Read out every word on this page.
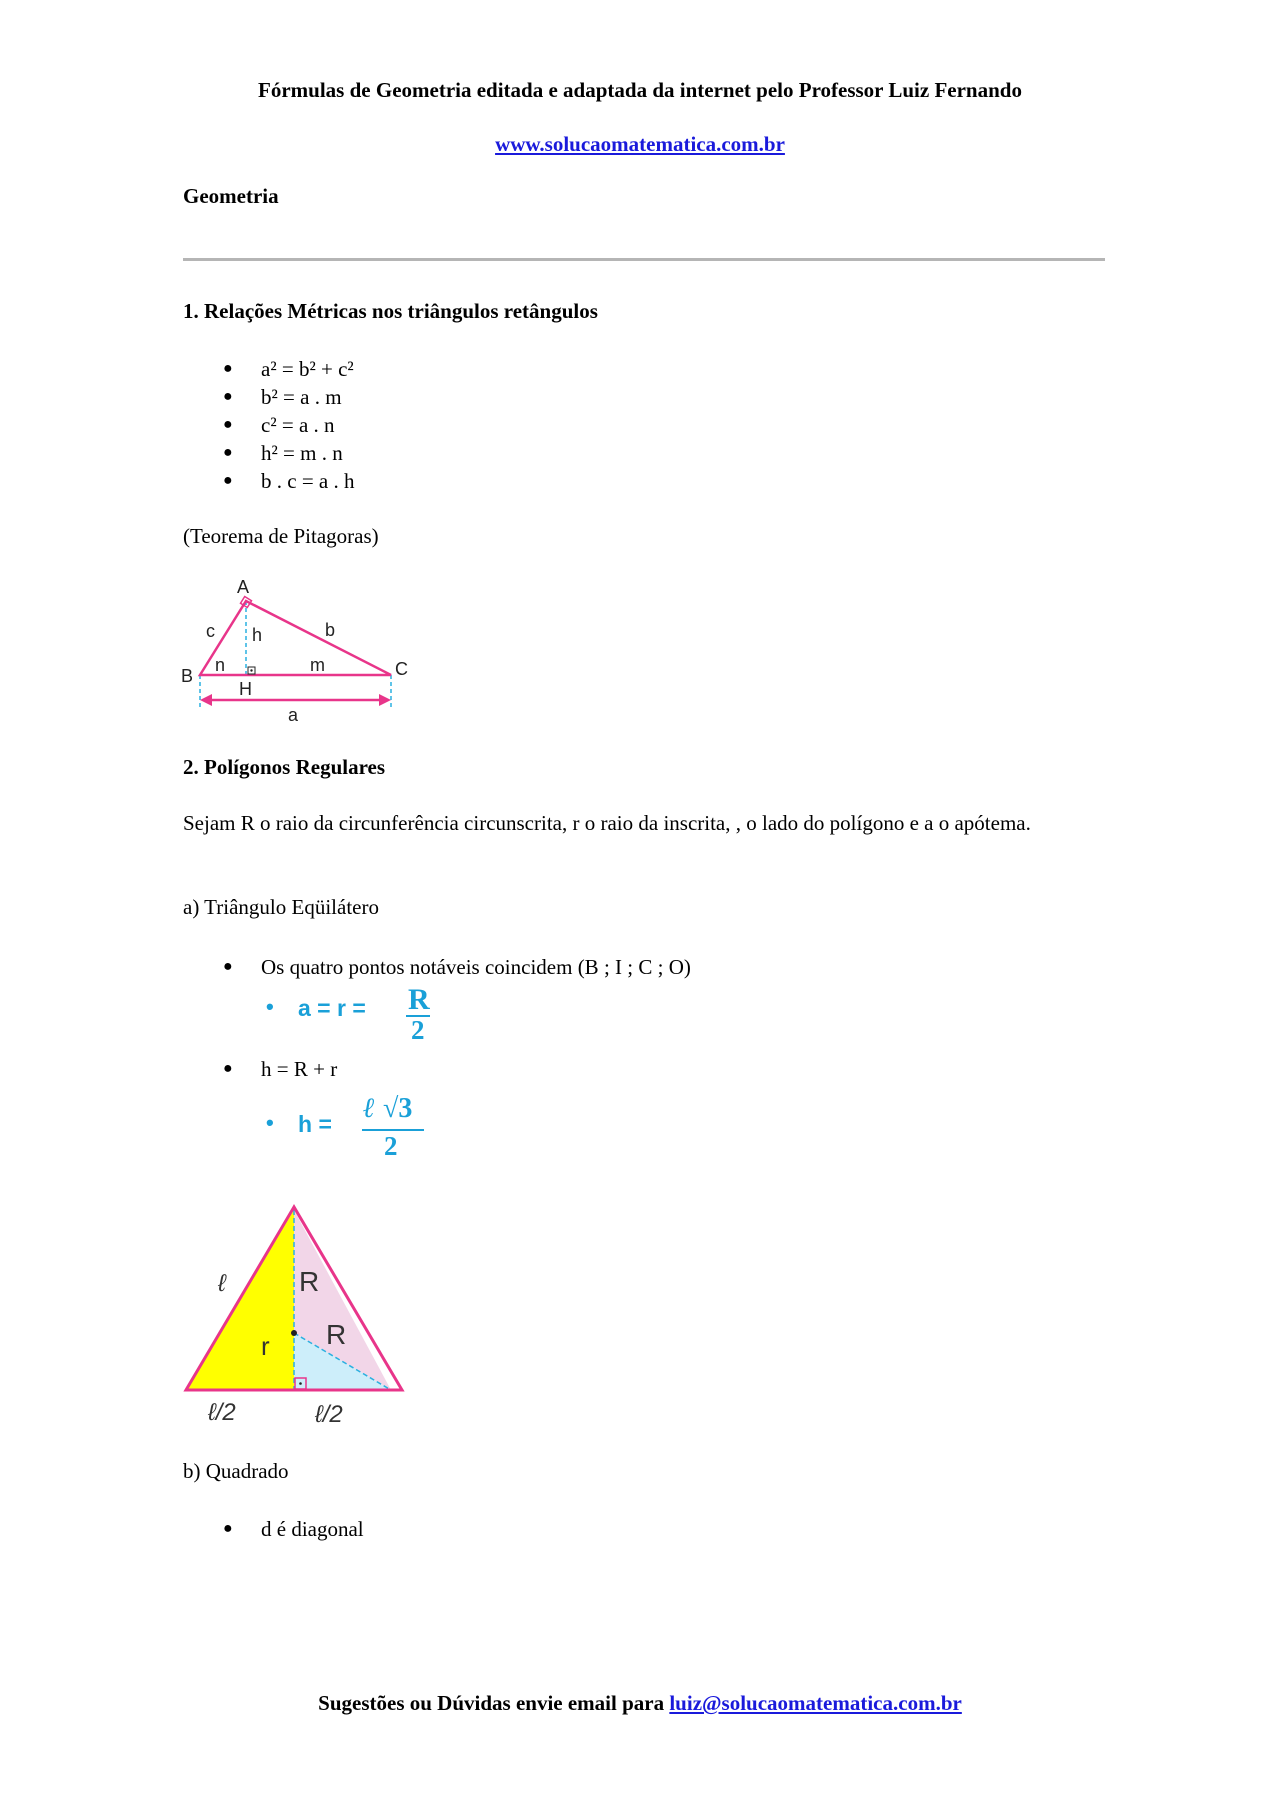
Fórmulas de Geometria editada e adaptada da internet pelo Professor Luiz Fernando
www.solucaomatematica.com.br
Geometria
1. Relações Métricas nos triângulos retângulos
● a² = b² + c²
● b² = a . m
● c² = a . n
● h² = m . n
● b . c = a . h
(Teorema de Pitagoras)
A
B	C
H
c h	b
n	m
a
2. Polígonos Regulares
Sejam R o raio da circunferência circunscrita, r o raio da inscrita, , o lado do polígono e a o apótema.
a) Triângulo Eqüilátero
● Os quatro pontos notáveis coincidem (B ; I ; C ; O)
• a = r = R
2
● h = R + r
• h = ℓ √3
2
ℓ	R
R
r
ℓ/2	ℓ/2
b) Quadrado
● d é diagonal
Sugestões ou Dúvidas envie email para luiz@solucaomatematica.com.br
